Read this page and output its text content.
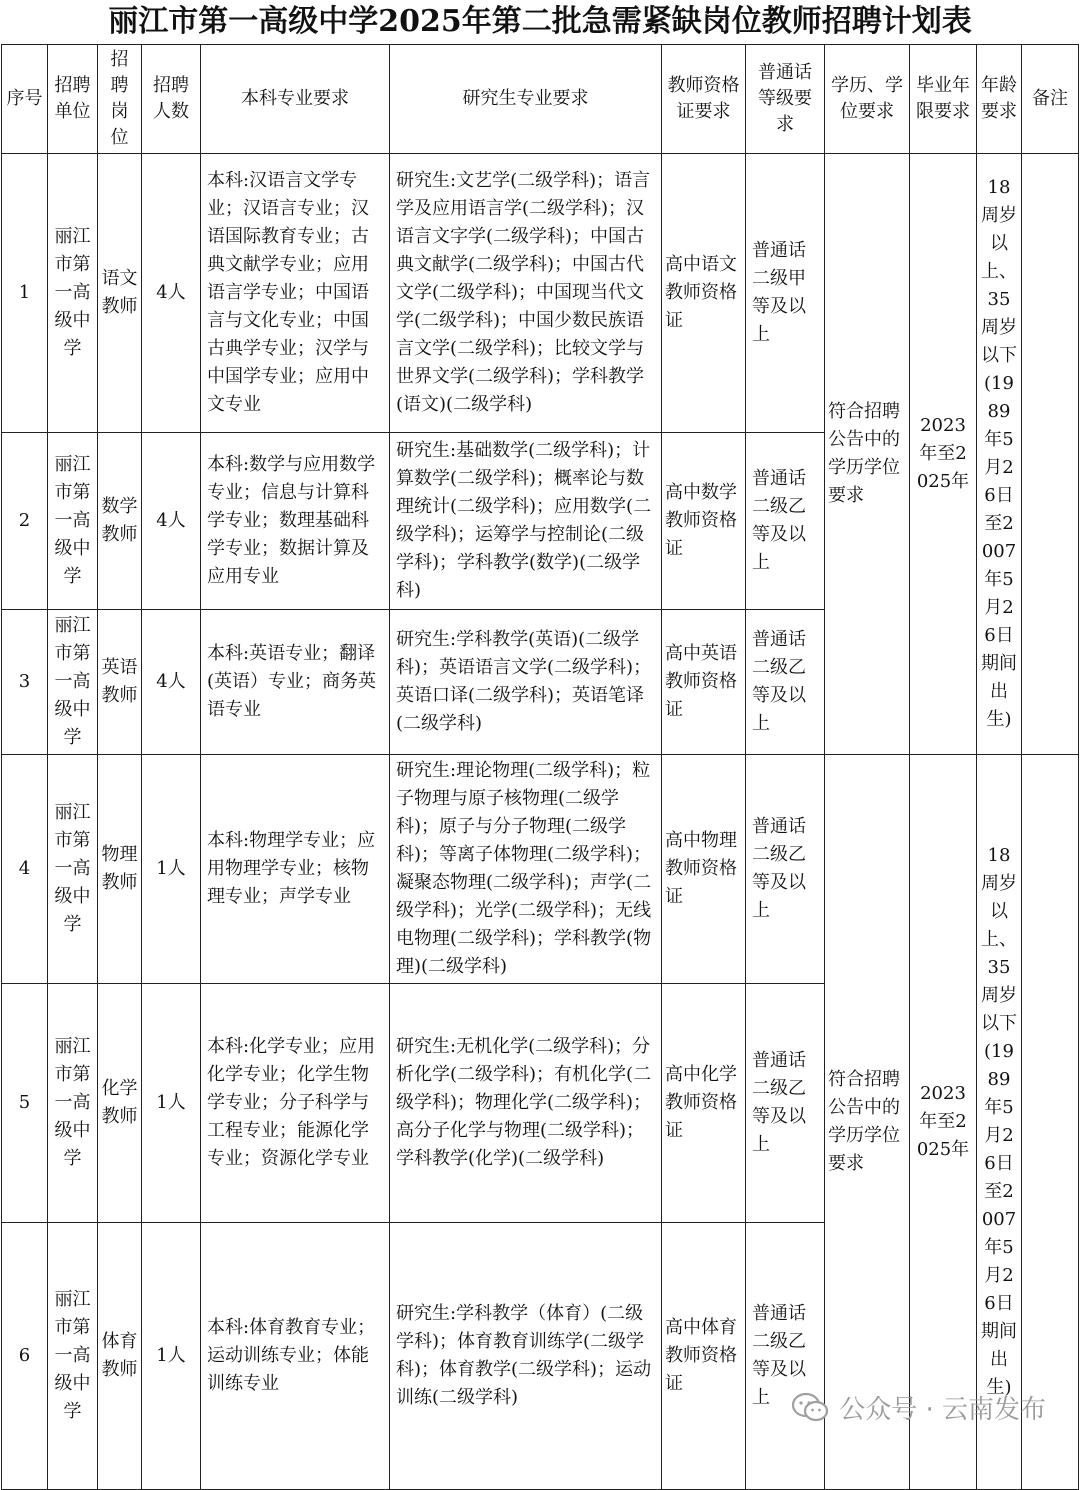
丽江市第一高级中学2025年第二批急需紧缺岗位教师招聘计划表
序号	招聘单位	招聘岗位	招聘人数	本科专业要求	研究生专业要求	教师资格证要求	普通话等级要求	学历、学位要求	毕业年限要求	年龄要求	备注
1	丽江市第一高级中学	语文教师	4人	本科:汉语言文学专业；汉语言专业；汉语国际教育专业；古典文献学专业；应用语言学专业；中国语言与文化专业；中国古典学专业；汉学与中国学专业；应用中文专业	研究生:文艺学(二级学科)；语言学及应用语言学(二级学科)；汉语言文字学(二级学科)；中国古典文献学(二级学科)；中国古代文学(二级学科)；中国现当代文学(二级学科)；中国少数民族语言文学(二级学科)；比较文学与世界文学(二级学科)；学科教学(语文)(二级学科)	高中语文教师资格证	普通话二级甲等及以上	符合招聘公告中的学历学位要求	2023年至2025年	18周岁以上、35周岁以下(1989年5月26日至2007年5月26日期间出生)	
2	丽江市第一高级中学	数学教师	4人	本科:数学与应用数学专业；信息与计算科学专业；数理基础科学专业；数据计算及应用专业	研究生:基础数学(二级学科)；计算数学(二级学科)；概率论与数理统计(二级学科)；应用数学(二级学科)；运筹学与控制论(二级学科)；学科教学(数学)(二级学科)	高中数学教师资格证	普通话二级乙等及以上				
3	丽江市第一高级中学	英语教师	4人	本科:英语专业；翻译(英语）专业；商务英语专业	研究生:学科教学(英语)(二级学科)；英语语言文学(二级学科)；英语口译(二级学科)；英语笔译(二级学科)	高中英语教师资格证	普通话二级乙等及以上				
4	丽江市第一高级中学	物理教师	1人	本科:物理学专业；应用物理学专业；核物理专业；声学专业	研究生:理论物理(二级学科)；粒子物理与原子核物理(二级学科)；原子与分子物理(二级学科)；等离子体物理(二级学科)；凝聚态物理(二级学科)；声学(二级学科)；光学(二级学科)；无线电物理(二级学科)；学科教学(物理)(二级学科)	高中物理教师资格证	普通话二级乙等及以上	符合招聘公告中的学历学位要求	2023年至2025年	18周岁以上、35周岁以下(1989年5月26日至2007年5月26日期间出生)	
5	丽江市第一高级中学	化学教师	1人	本科:化学专业；应用化学专业；化学生物学专业；分子科学与工程专业；能源化学专业；资源化学专业	研究生:无机化学(二级学科)；分析化学(二级学科)；有机化学(二级学科)；物理化学(二级学科)；高分子化学与物理(二级学科)；学科教学(化学)(二级学科)	高中化学教师资格证	普通话二级乙等及以上				
6	丽江市第一高级中学	体育教师	1人	本科:体育教育专业；运动训练专业；体能训练专业	研究生:学科教学（体育）(二级学科)；体育教育训练学(二级学科)；体育教学(二级学科)；运动训练(二级学科)	高中体育教师资格证	普通话二级乙等及以上					公众号 · 云南发布
